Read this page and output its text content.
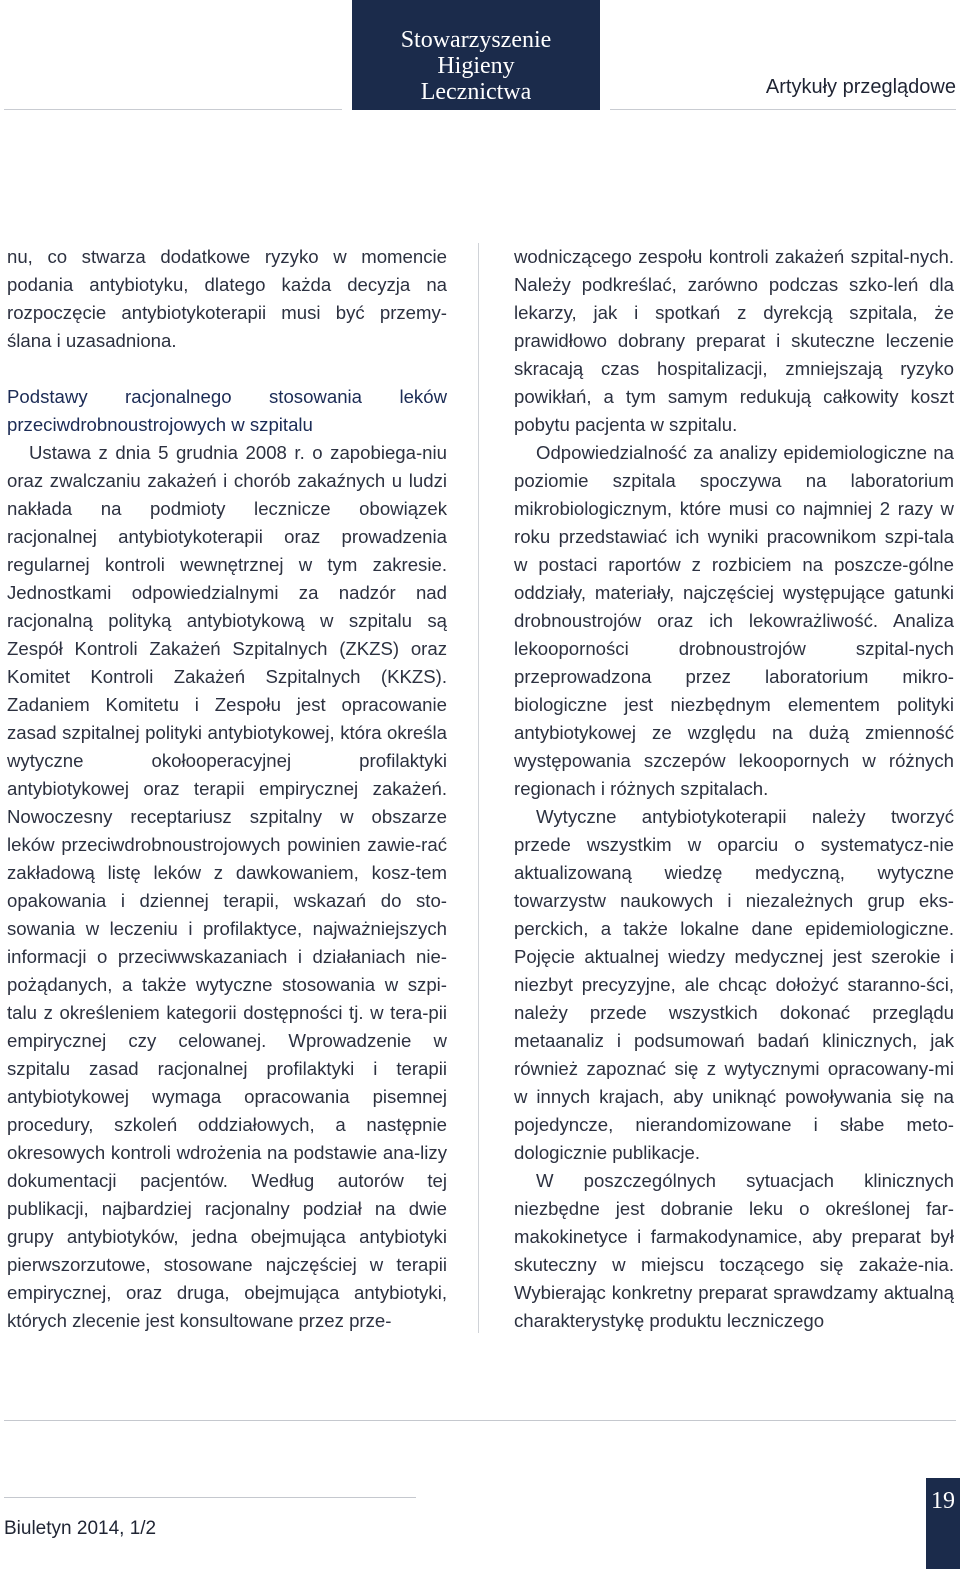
Stowarzyszenie
Higieny
Lecznictwa	Artykuły przeglądowe

nu, co stwarza dodatkowe ryzyko w momencie podania antybiotyku, dlatego każda decyzja na rozpoczęcie antybiotykoterapii musi być przemy-ślana i uzasadniona.

Podstawy racjonalnego stosowania leków przeciwdrobnoustrojowych w szpitalu

Ustawa z dnia 5 grudnia 2008 r. o zapobiega-niu oraz zwalczaniu zakażeń i chorób zakaźnych u ludzi nakłada na podmioty lecznicze obowiązek racjonalnej antybiotykoterapii oraz prowadzenia regularnej kontroli wewnętrznej w tym zakresie. Jednostkami odpowiedzialnymi za nadzór nad racjonalną polityką antybiotykową w szpitalu są Zespół Kontroli Zakażeń Szpitalnych (ZKZS) oraz Komitet Kontroli Zakażeń Szpitalnych (KKZS). Zadaniem Komitetu i Zespołu jest opracowanie zasad szpitalnej polityki antybiotykowej, która określa wytyczne okołooperacyjnej profilaktyki antybiotykowej oraz terapii empirycznej zakażeń. Nowoczesny receptariusz szpitalny w obszarze leków przeciwdrobnoustrojowych powinien zawie-rać zakładową listę leków z dawkowaniem, kosz-tem opakowania i dziennej terapii, wskazań do sto-sowania w leczeniu i profilaktyce, najważniejszych informacji o przeciwwskazaniach i działaniach nie-pożądanych, a także wytyczne stosowania w szpi-talu z określeniem kategorii dostępności tj. w tera-pii empirycznej czy celowanej. Wprowadzenie w szpitalu zasad racjonalnej profilaktyki i terapii antybiotykowej wymaga opracowania pisemnej procedury, szkoleń oddziałowych, a następnie okresowych kontroli wdrożenia na podstawie ana-lizy dokumentacji pacjentów. Według autorów tej publikacji, najbardziej racjonalny podział na dwie grupy antybiotyków, jedna obejmująca antybiotyki pierwszorzutowe, stosowane najczęściej w terapii empirycznej, oraz druga, obejmująca antybiotyki, których zlecenie jest konsultowane przez prze-

wodniczącego zespołu kontroli zakażeń szpital-nych. Należy podkreślać, zarówno podczas szko-leń dla lekarzy, jak i spotkań z dyrekcją szpitala, że prawidłowo dobrany preparat i skuteczne leczenie skracają czas hospitalizacji, zmniejszają ryzyko powikłań, a tym samym redukują całkowity koszt pobytu pacjenta w szpitalu.

Odpowiedzialność za analizy epidemiologiczne na poziomie szpitala spoczywa na laboratorium mikrobiologicznym, które musi co najmniej 2 razy w roku przedstawiać ich wyniki pracownikom szpi-tala w postaci raportów z rozbiciem na poszcze-gólne oddziały, materiały, najczęściej występujące gatunki drobnoustrojów oraz ich lekowrażliwość. Analiza lekooporności drobnoustrojów szpital-nych przeprowadzona przez laboratorium mikro-biologiczne jest niezbędnym elementem polityki antybiotykowej ze względu na dużą zmienność występowania szczepów lekoopornych w różnych regionach i różnych szpitalach.

Wytyczne antybiotykoterapii należy tworzyć przede wszystkim w oparciu o systematycz-nie aktualizowaną wiedzę medyczną, wytyczne towarzystw naukowych i niezależnych grup eks-perckich, a także lokalne dane epidemiologiczne. Pojęcie aktualnej wiedzy medycznej jest szerokie i niezbyt precyzyjne, ale chcąc dołożyć staranno-ści, należy przede wszystkich dokonać przeglądu metaanaliz i podsumowań badań klinicznych, jak również zapoznać się z wytycznymi opracowany-mi w innych krajach, aby uniknąć powoływania się na pojedyncze, nierandomizowane i słabe meto-dologicznie publikacje.

W poszczególnych sytuacjach klinicznych niezbędne jest dobranie leku o określonej far-makokinetyce i farmakodynamice, aby preparat był skuteczny w miejscu toczącego się zakaże-nia. Wybierając konkretny preparat sprawdzamy aktualną charakterystykę produktu leczniczego

Biuletyn 2014, 1/2
19
